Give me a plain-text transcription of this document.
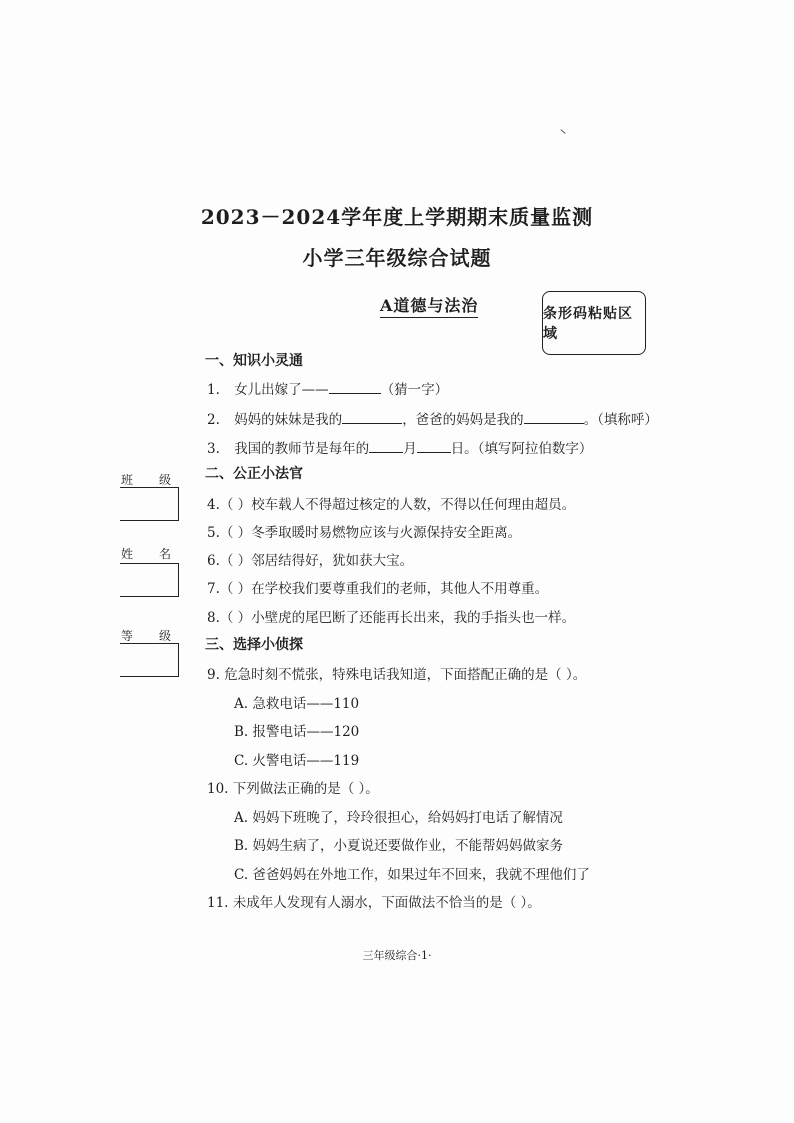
2023－2024学年度上学期期末质量监测
小学三年级综合试题
A道德与法治	条形码粘贴区域
班级
姓名
等级
一、知识小灵通
1. 女儿出嫁了——	（猜一字）
2. 妈妈的妹妹是我的	，爸爸的妈妈是我的	。（填称呼）
3. 我国的教师节是每年的	月	日。（填写阿拉伯数字）
二、公正小法官
4.（ ）校车载人不得超过核定的人数，不得以任何理由超员。
5.（ ）冬季取暖时易燃物应该与火源保持安全距离。
6.（ ）邻居结得好，犹如获大宝。
7.（ ）在学校我们要尊重我们的老师，其他人不用尊重。
8.（ ）小壁虎的尾巴断了还能再长出来，我的手指头也一样。
三、选择小侦探
9. 危急时刻不慌张，特殊电话我知道，下面搭配正确的是（ ）。
A. 急救电话——110
B. 报警电话——120
C. 火警电话——119
10. 下列做法正确的是（ ）。
A. 妈妈下班晚了，玲玲很担心，给妈妈打电话了解情况
B. 妈妈生病了，小夏说还要做作业，不能帮妈妈做家务
C. 爸爸妈妈在外地工作，如果过年不回来，我就不理他们了
11. 未成年人发现有人溺水，下面做法不恰当的是（ ）。
三年级综合·1·
